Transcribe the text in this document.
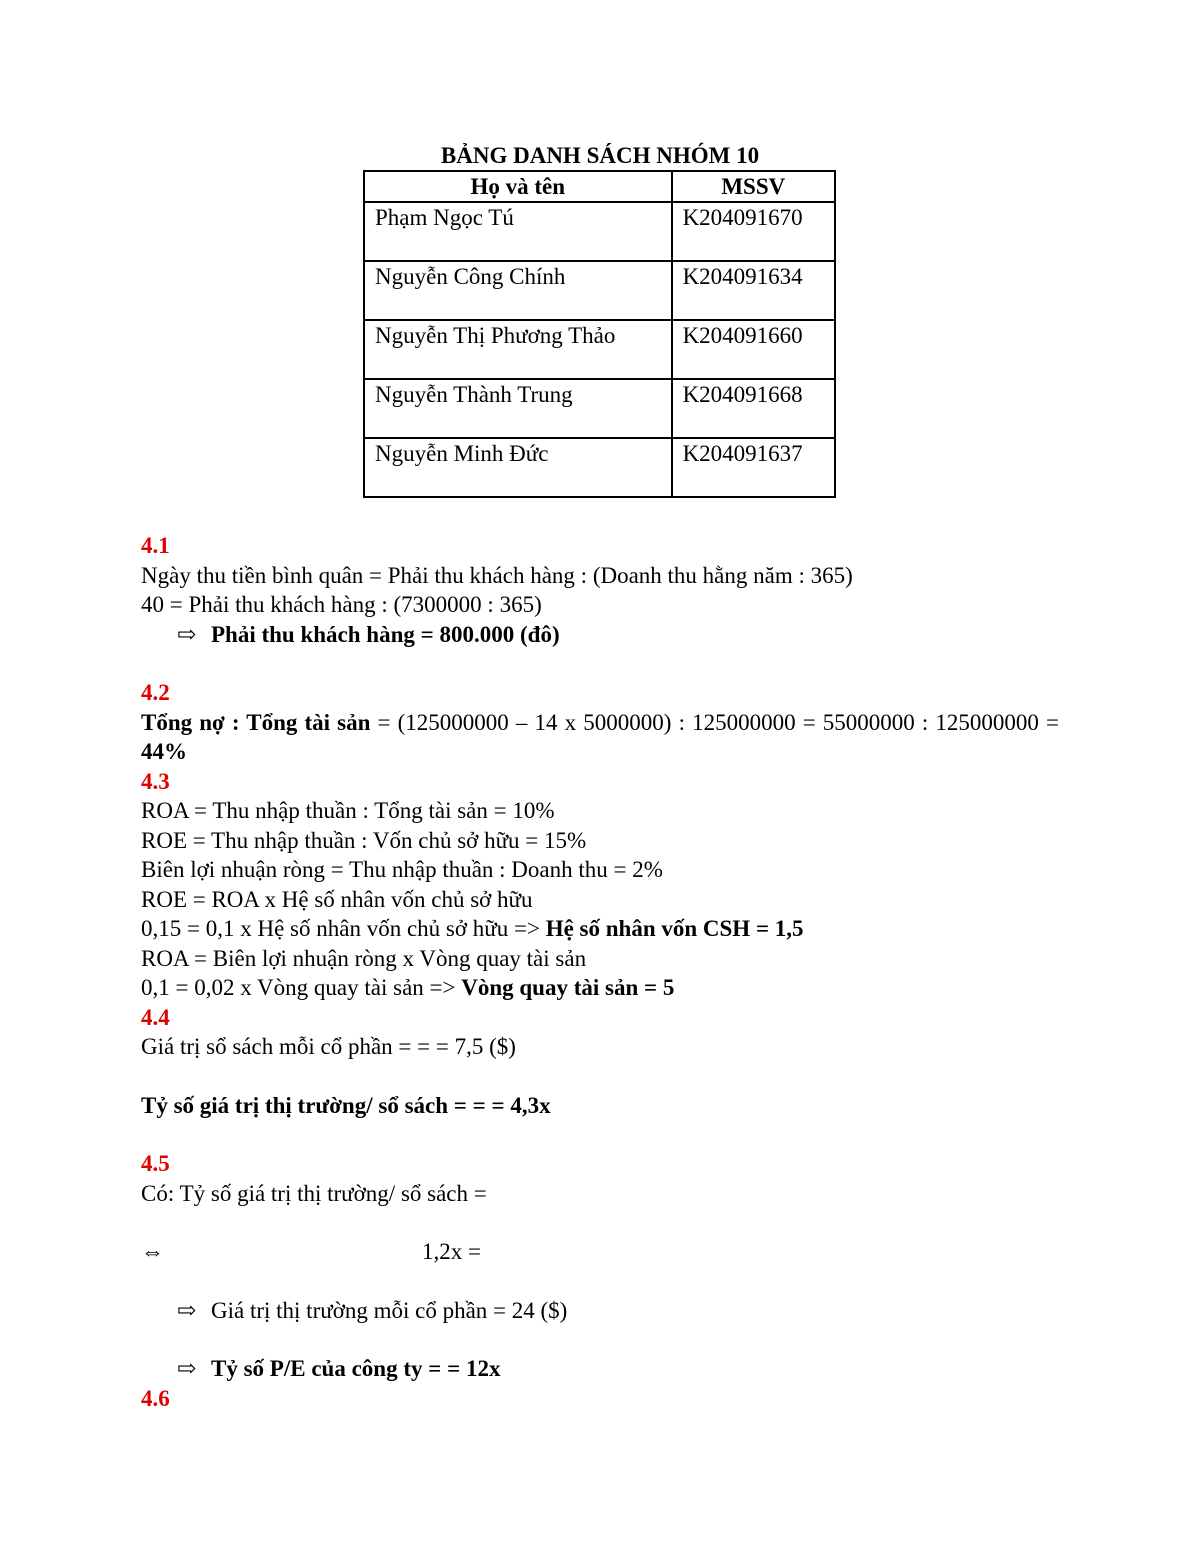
BẢNG DANH SÁCH NHÓM 10
Họ và tên	MSSV
Phạm Ngọc Tú	K204091670
Nguyễn Công Chính	K204091634
Nguyễn Thị Phương Thảo	K204091660
Nguyễn Thành Trung	K204091668
Nguyễn Minh Đức	K204091637
4.1
Ngày thu tiền bình quân = Phải thu khách hàng : (Doanh thu hằng năm : 365)
40 = Phải thu khách hàng : (7300000 : 365)
⇨ Phải thu khách hàng = 800.000 (đô)
4.2
Tổng nợ : Tổng tài sản = (125000000 – 14 x 5000000) : 125000000 = 55000000 : 125000000 = 44%
4.3
ROA = Thu nhập thuần : Tổng tài sản = 10%
ROE = Thu nhập thuần : Vốn chủ sở hữu = 15%
Biên lợi nhuận ròng = Thu nhập thuần : Doanh thu = 2%
ROE = ROA x Hệ số nhân vốn chủ sở hữu
0,15 = 0,1 x Hệ số nhân vốn chủ sở hữu => Hệ số nhân vốn CSH = 1,5
ROA = Biên lợi nhuận ròng x Vòng quay tài sản
0,1 = 0,02 x Vòng quay tài sản => Vòng quay tài sản = 5
4.4
Giá trị sổ sách mỗi cổ phần = = = 7,5 ($)
Tỷ số giá trị thị trường/ sổ sách = = = 4,3x
4.5
Có: Tỷ số giá trị thị trường/ sổ sách =
⇔	1,2x =
⇨ Giá trị thị trường mỗi cổ phần = 24 ($)
⇨ Tỷ số P/E của công ty = = 12x
4.6
